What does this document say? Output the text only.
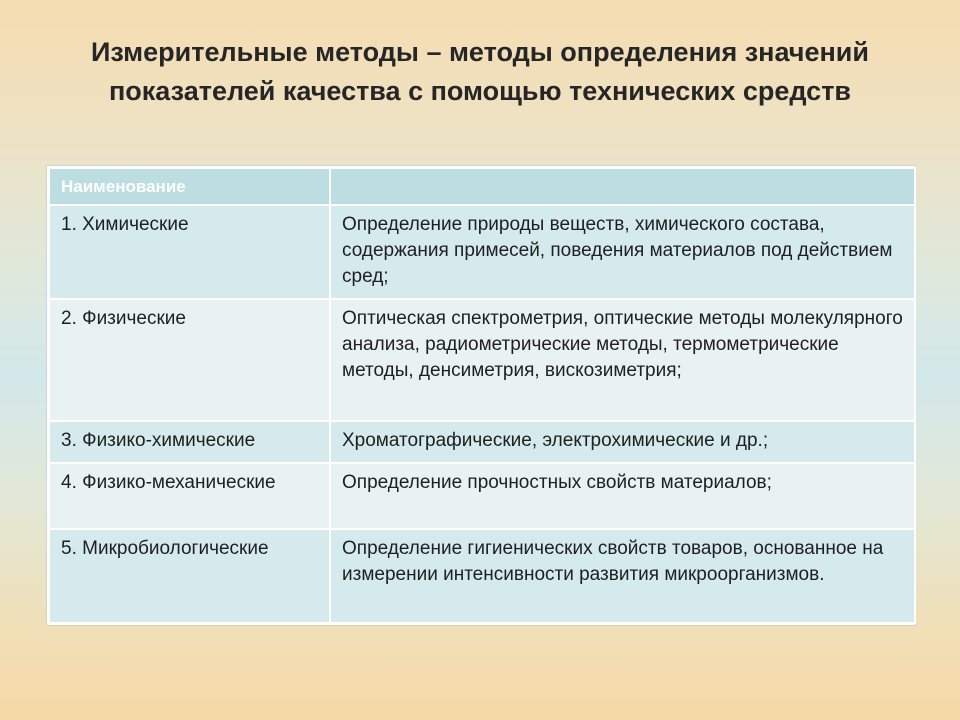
Измерительные методы – методы определения значений показателей качества с помощью технических средств
Наименование	
1. Химические	Определение природы веществ, химического состава, содержания примесей, поведения материалов под действием сред;
2. Физические	Оптическая спектрометрия, оптические методы молекулярного анализа, радиометрические методы, термометрические методы, денсиметрия, вискозиметрия;
3. Физико-химические	Хроматографические, электрохимические и др.;
4. Физико-механические	Определение прочностных свойств материалов;
5. Микробиологические	Определение гигиенических свойств товаров, основанное на измерении интенсивности развития микроорганизмов.
